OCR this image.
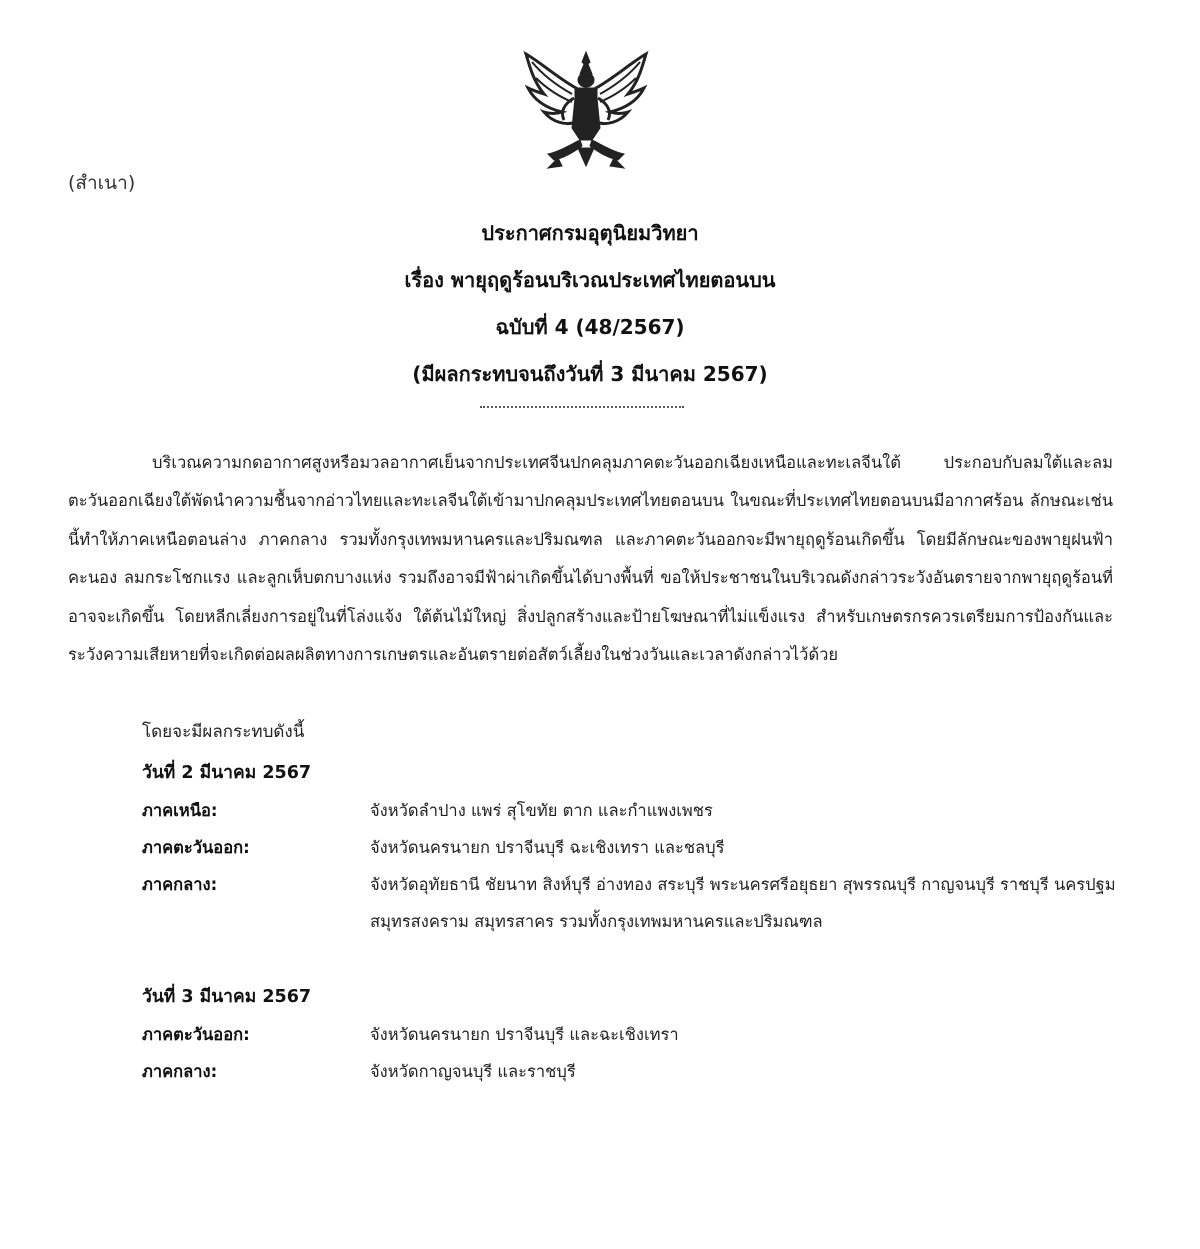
(สำเนา)
ประกาศกรมอุตุนิยมวิทยา
เรื่อง พายุฤดูร้อนบริเวณประเทศไทยตอนบน
ฉบับที่ 4 (48/2567)
(มีผลกระทบจนถึงวันที่ 3 มีนาคม 2567)
บริเวณความกดอากาศสูงหรือมวลอากาศเย็นจากประเทศจีนปกคลุมภาคตะวันออกเฉียงเหนือและทะเลจีนใต้ ประกอบกับลมใต้และลมตะวันออกเฉียงใต้พัดนำความชื้นจากอ่าวไทยและทะเลจีนใต้เข้ามาปกคลุมประเทศไทยตอนบน ในขณะที่ประเทศไทยตอนบนมีอากาศร้อน ลักษณะเช่นนี้ทำให้ภาคเหนือตอนล่าง ภาคกลาง รวมทั้งกรุงเทพมหานครและปริมณฑล และภาคตะวันออกจะมีพายุฤดูร้อนเกิดขึ้น โดยมีลักษณะของพายุฝนฟ้าคะนอง ลมกระโชกแรง และลูกเห็บตกบางแห่ง รวมถึงอาจมีฟ้าผ่าเกิดขึ้นได้บางพื้นที่ ขอให้ประชาชนในบริเวณดังกล่าวระวังอันตรายจากพายุฤดูร้อนที่อาจจะเกิดขึ้น โดยหลีกเลี่ยงการอยู่ในที่โล่งแจ้ง ใต้ต้นไม้ใหญ่ สิ่งปลูกสร้างและป้ายโฆษณาที่ไม่แข็งแรง สำหรับเกษตรกรควรเตรียมการป้องกันและระวังความเสียหายที่จะเกิดต่อผลผลิตทางการเกษตรและอันตรายต่อสัตว์เลี้ยงในช่วงวันและเวลาดังกล่าวไว้ด้วย
โดยจะมีผลกระทบดังนี้
วันที่ 2 มีนาคม 2567
ภาคเหนือ:	จังหวัดลำปาง แพร่ สุโขทัย ตาก และกำแพงเพชร
ภาคตะวันออก:	จังหวัดนครนายก ปราจีนบุรี ฉะเชิงเทรา และชลบุรี
ภาคกลาง:	จังหวัดอุทัยธานี ชัยนาท สิงห์บุรี อ่างทอง สระบุรี พระนครศรีอยุธยา สุพรรณบุรี กาญจนบุรี ราชบุรี นครปฐม สมุทรสงคราม สมุทรสาคร รวมทั้งกรุงเทพมหานครและปริมณฑล
วันที่ 3 มีนาคม 2567
ภาคตะวันออก:	จังหวัดนครนายก ปราจีนบุรี และฉะเชิงเทรา
ภาคกลาง:	จังหวัดกาญจนบุรี และราชบุรี
